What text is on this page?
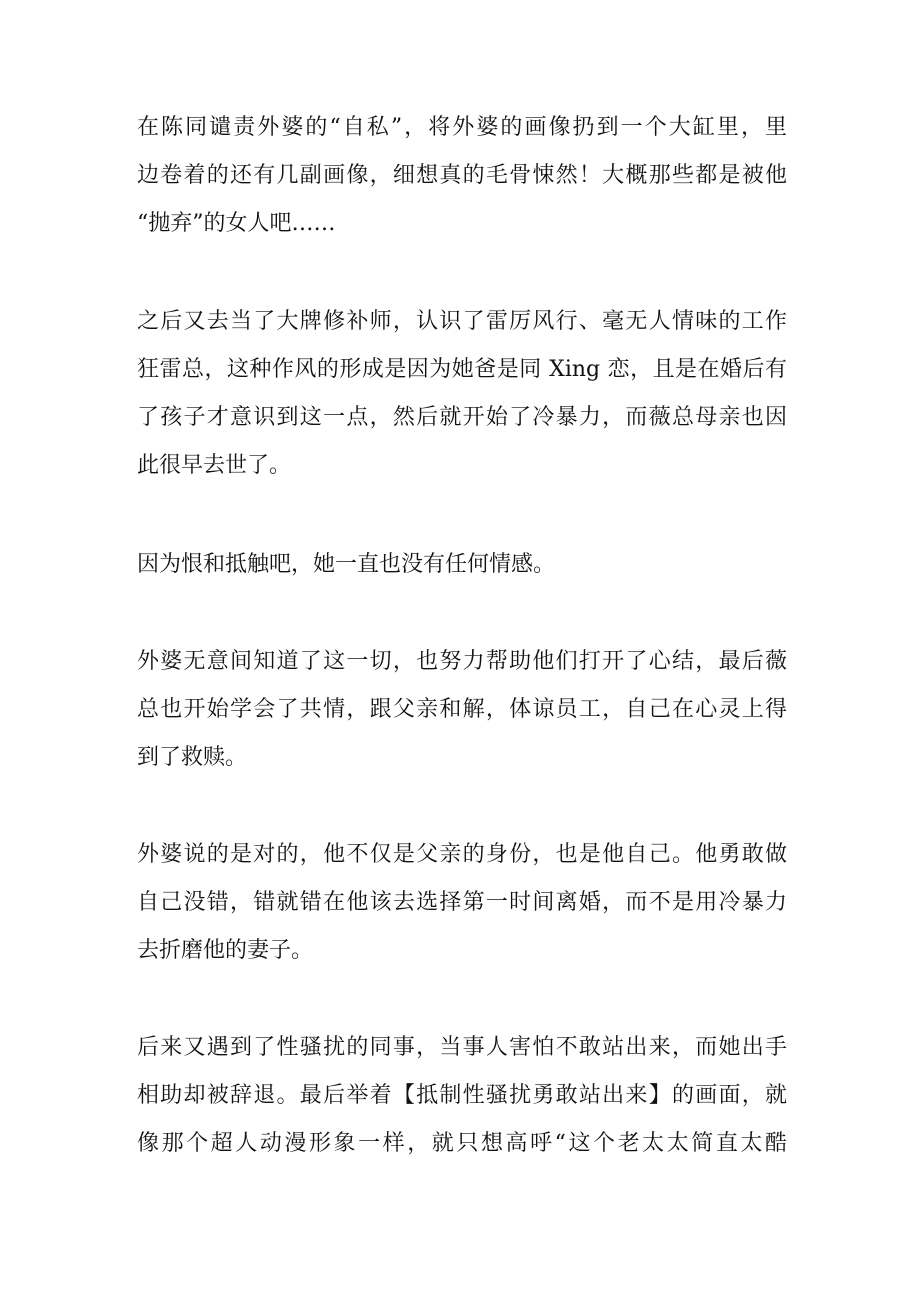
在陈同谴责外婆的“自私”，将外婆的画像扔到一个大缸里，里
边卷着的还有几副画像，细想真的毛骨悚然！大概那些都是被他
“抛弃”的女人吧……

之后又去当了大牌修补师，认识了雷厉风行、毫无人情味的工作
狂雷总，这种作风的形成是因为她爸是同 Xing 恋，且是在婚后有
了孩子才意识到这一点，然后就开始了冷暴力，而薇总母亲也因
此很早去世了。

因为恨和抵触吧，她一直也没有任何情感。

外婆无意间知道了这一切，也努力帮助他们打开了心结，最后薇
总也开始学会了共情，跟父亲和解，体谅员工，自己在心灵上得
到了救赎。

外婆说的是对的，他不仅是父亲的身份，也是他自己。他勇敢做
自己没错，错就错在他该去选择第一时间离婚，而不是用冷暴力
去折磨他的妻子。

后来又遇到了性骚扰的同事，当事人害怕不敢站出来，而她出手
相助却被辞退。最后举着【抵制性骚扰勇敢站出来】的画面，就
像那个超人动漫形象一样，就只想高呼“这个老太太简直太酷
